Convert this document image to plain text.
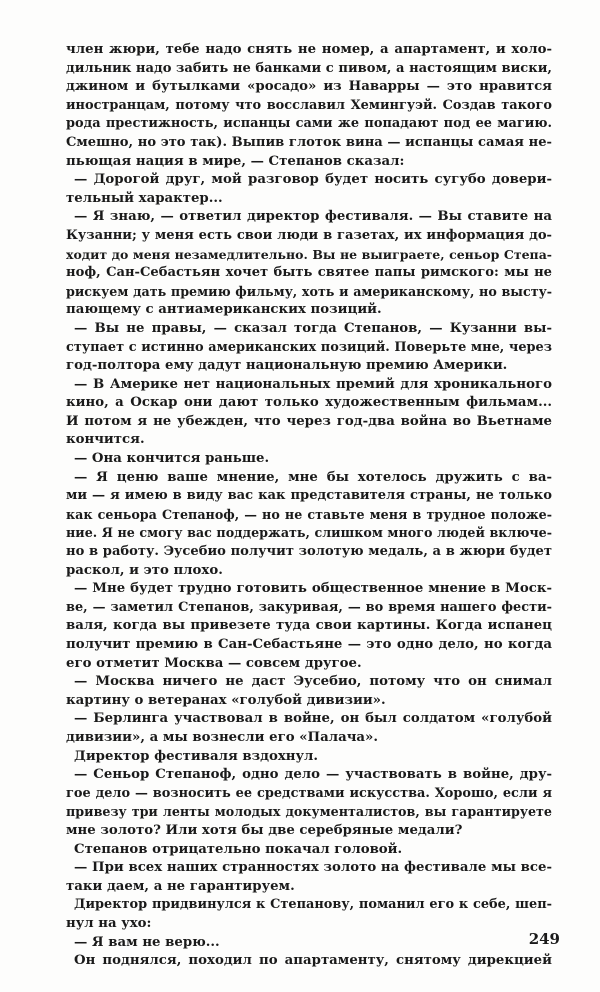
член жюри, тебе надо снять не номер, а апартамент, и холо-
дильник надо забить не банками с пивом, а настоящим виски,
джином и бутылками «росадо» из Наварры — это нравится
иностранцам, потому что восславил Хемингуэй. Создав такого
рода престижность, испанцы сами же попадают под ее магию.
Смешно, но это так). Выпив глоток вина — испанцы самая не-
пьющая нация в мире, — Степанов сказал:
— Дорогой друг, мой разговор будет носить сугубо довери-
тельный характер...
— Я знаю, — ответил директор фестиваля. — Вы ставите на
Кузанни; у меня есть свои люди в газетах, их информация до-
ходит до меня незамедлительно. Вы не выиграете, сеньор Степа-
ноф, Сан-Себастьян хочет быть святее папы римского: мы не
рискуем дать премию фильму, хоть и американскому, но высту-
пающему с антиамериканских позиций.
— Вы не правы, — сказал тогда Степанов, — Кузанни вы-
ступает с истинно американских позиций. Поверьте мне, через
год-полтора ему дадут национальную премию Америки.
— В Америке нет национальных премий для хроникального
кино, а Оскар они дают только художественным фильмам...
И потом я не убежден, что через год-два война во Вьетнаме
кончится.
— Она кончится раньше.
— Я ценю ваше мнение, мне бы хотелось дружить с ва-
ми — я имею в виду вас как представителя страны, не только
как сеньора Степаноф, — но не ставьте меня в трудное положе-
ние. Я не смогу вас поддержать, слишком много людей включе-
но в работу. Эусебио получит золотую медаль, а в жюри будет
раскол, и это плохо.
— Мне будет трудно готовить общественное мнение в Моск-
ве, — заметил Степанов, закуривая, — во время нашего фести-
валя, когда вы привезете туда свои картины. Когда испанец
получит премию в Сан-Себастьяне — это одно дело, но когда
его отметит Москва — совсем другое.
— Москва ничего не даст Эусебио, потому что он снимал
картину о ветеранах «голубой дивизии».
— Берлинга участвовал в войне, он был солдатом «голубой
дивизии», а мы вознесли его «Палача».
Директор фестиваля вздохнул.
— Сеньор Степаноф, одно дело — участвовать в войне, дру-
гое дело — возносить ее средствами искусства. Хорошо, если я
привезу три ленты молодых документалистов, вы гарантируете
мне золото? Или хотя бы две серебряные медали?
Степанов отрицательно покачал головой.
— При всех наших странностях золото на фестивале мы все-
таки даем, а не гарантируем.
Директор придвинулся к Степанову, поманил его к себе, шеп-
нул на ухо:
— Я вам не верю...
Он поднялся, походил по апартаменту, снятому дирекцией
249
